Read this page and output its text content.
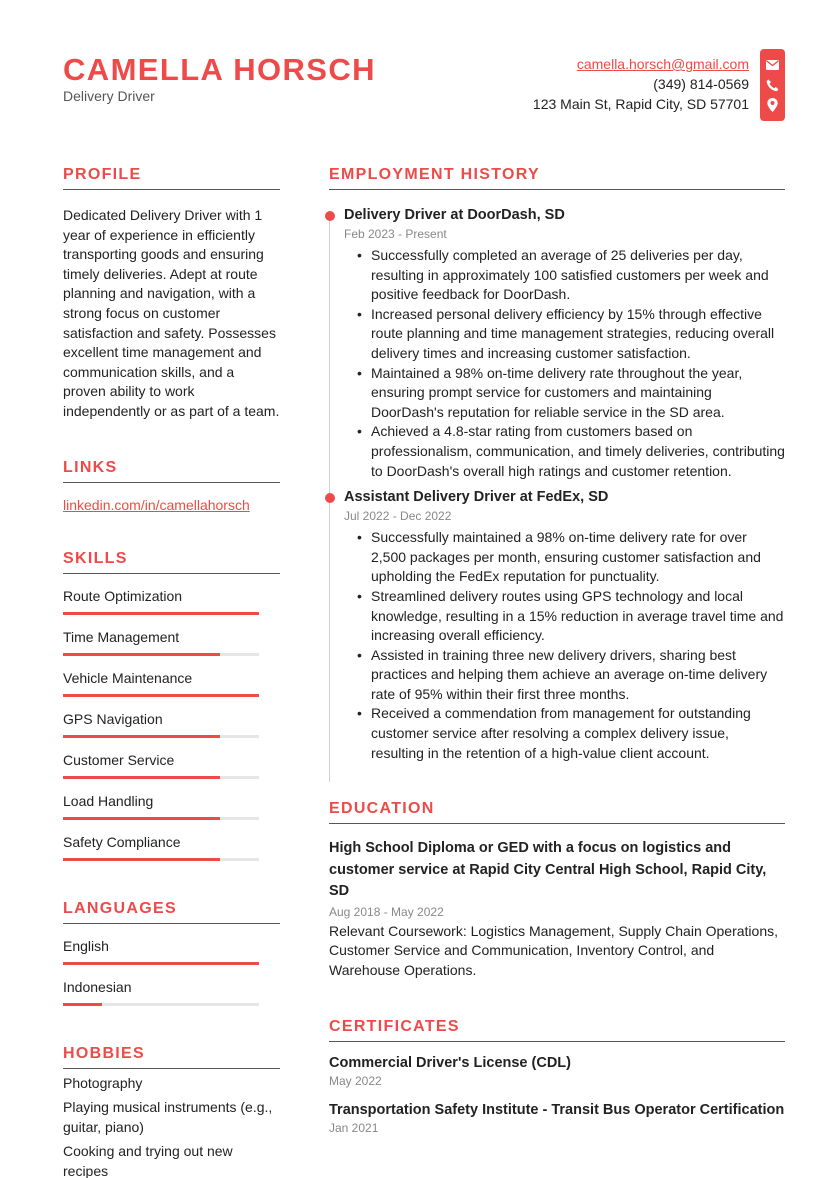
CAMELLA HORSCH
Delivery Driver
camella.horsch@gmail.com
(349) 814-0569
123 Main St, Rapid City, SD 57701
PROFILE
Dedicated Delivery Driver with 1 year of experience in efficiently transporting goods and ensuring timely deliveries. Adept at route planning and navigation, with a strong focus on customer satisfaction and safety. Possesses excellent time management and communication skills, and a proven ability to work independently or as part of a team.
LINKS
linkedin.com/in/camellahorsch
SKILLS
Route Optimization
Time Management
Vehicle Maintenance
GPS Navigation
Customer Service
Load Handling
Safety Compliance
LANGUAGES
English
Indonesian
HOBBIES
Photography
Playing musical instruments (e.g., guitar, piano)
Cooking and trying out new recipes
EMPLOYMENT HISTORY
Delivery Driver at DoorDash, SD
Feb 2023 - Present
• Successfully completed an average of 25 deliveries per day, resulting in approximately 100 satisfied customers per week and positive feedback for DoorDash.
• Increased personal delivery efficiency by 15% through effective route planning and time management strategies, reducing overall delivery times and increasing customer satisfaction.
• Maintained a 98% on-time delivery rate throughout the year, ensuring prompt service for customers and maintaining DoorDash's reputation for reliable service in the SD area.
• Achieved a 4.8-star rating from customers based on professionalism, communication, and timely deliveries, contributing to DoorDash's overall high ratings and customer retention.
Assistant Delivery Driver at FedEx, SD
Jul 2022 - Dec 2022
• Successfully maintained a 98% on-time delivery rate for over 2,500 packages per month, ensuring customer satisfaction and upholding the FedEx reputation for punctuality.
• Streamlined delivery routes using GPS technology and local knowledge, resulting in a 15% reduction in average travel time and increasing overall efficiency.
• Assisted in training three new delivery drivers, sharing best practices and helping them achieve an average on-time delivery rate of 95% within their first three months.
• Received a commendation from management for outstanding customer service after resolving a complex delivery issue, resulting in the retention of a high-value client account.
EDUCATION
High School Diploma or GED with a focus on logistics and customer service at Rapid City Central High School, Rapid City, SD
Aug 2018 - May 2022
Relevant Coursework: Logistics Management, Supply Chain Operations, Customer Service and Communication, Inventory Control, and Warehouse Operations.
CERTIFICATES
Commercial Driver's License (CDL)
May 2022
Transportation Safety Institute - Transit Bus Operator Certification
Jan 2021
